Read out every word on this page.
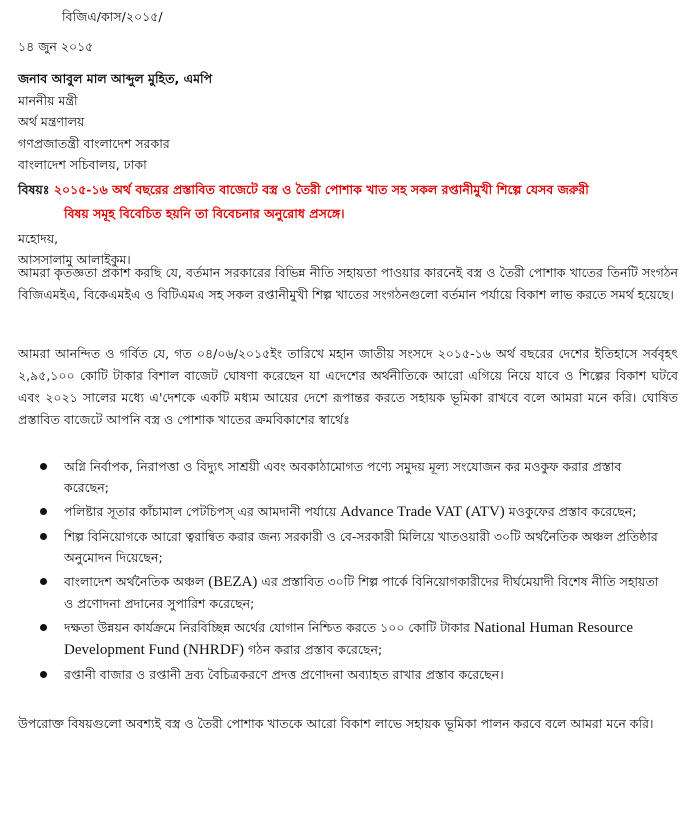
বিজিএ/কাস/২০১৫/
১৪ জুন ২০১৫
জনাব আবুল মাল আব্দুল মুহিত, এমপি
মাননীয় মন্ত্রী
অর্থ মন্ত্রণালয়
গণপ্রজাতন্ত্রী বাংলাদেশ সরকার
বাংলাদেশ সচিবালয়, ঢাকা
বিষয়ঃ ২০১৫-১৬ অর্থ বছরের প্রস্তাবিত বাজেটে বস্ত্র ও তৈরী পোশাক খাত সহ সকল রপ্তানীমুখী শিল্পে যেসব জরুরী
বিষয় সমূহ বিবেচিত হয়নি তা বিবেচনার অনুরোধ প্রসঙ্গে।
মহোদয়,
আসসালামু আলাইকুম।
আমরা কৃতজ্ঞতা প্রকাশ করছি যে, বর্তমান সরকারের বিভিন্ন নীতি সহায়তা পাওয়ার কারনেই বস্ত্র ও তৈরী পোশাক খাতের তিনটি সংগঠন বিজিএমইএ, বিকেএমইএ ও বিটিএমএ সহ সকল রপ্তানীমুখী শিল্প খাতের সংগঠনগুলো বর্তমান পর্যায়ে বিকাশ লাভ করতে সমর্থ হয়েছে।
আমরা আনন্দিত ও গর্বিত যে, গত ০৪/০৬/২০১৫ইং তারিখে মহান জাতীয় সংসদে ২০১৫-১৬ অর্থ বছরের দেশের ইতিহাসে সর্ববৃহৎ ২,৯৫,১০০ কোটি টাকার বিশাল বাজেট ঘোষণা করেছেন যা এদেশের অর্থনীতিকে আরো এগিয়ে নিয়ে যাবে ও শিল্পের বিকাশ ঘটবে এবং ২০২১ সালের মধ্যে এ'দেশকে একটি মধ্যম আয়ের দেশে রূপান্তর করতে সহায়ক ভূমিকা রাখবে বলে আমরা মনে করি। ঘোষিত প্রস্তাবিত বাজেটে আপনি বস্ত্র ও পোশাক খাতের ক্রমবিকাশের স্বার্থেঃ
অগ্নি নির্বাপক, নিরাপত্তা ও বিদ্যুৎ সাশ্রয়ী এবং অবকাঠামোগত পণ্যে সমুদয় মূল্য সংযোজন কর মওকুফ করার প্রস্তাব করেছেন;
পলিষ্টার সূতার কাঁচামাল পেটচিপস্ এর আমদানী পর্যায়ে Advance Trade VAT (ATV) মওকুফের প্রস্তাব করেছেন;
শিল্প বিনিয়োগকে আরো ত্বরান্বিত করার জন্য সরকারী ও বে-সরকারী মিলিয়ে খাতওয়ারী ৩০টি অর্থনৈতিক অঞ্চল প্রতিষ্ঠার অনুমোদন দিয়েছেন;
বাংলাদেশ অর্থনৈতিক অঞ্চল (BEZA) এর প্রস্তাবিত ৩০টি শিল্প পার্কে বিনিয়োগকারীদের দীর্ঘমেয়াদী বিশেষ নীতি সহায়তা ও প্রণোদনা প্রদানের সুপারিশ করেছেন;
দক্ষতা উন্নয়ন কার্যক্রমে নিরবিচ্ছিন্ন অর্থের যোগান নিশ্চিত করতে ১০০ কোটি টাকার National Human Resource Development Fund (NHRDF) গঠন করার প্রস্তাব করেছেন;
রপ্তানী বাজার ও রপ্তানী দ্রব্য বৈচিত্রকরণে প্রদত্ত প্রণোদনা অব্যাহত রাখার প্রস্তাব করেছেন।
উপরোক্ত বিষয়গুলো অবশ্যই বস্ত্র ও তৈরী পোশাক খাতকে আরো বিকাশ লাভে সহায়ক ভূমিকা পালন করবে বলে আমরা মনে করি।
